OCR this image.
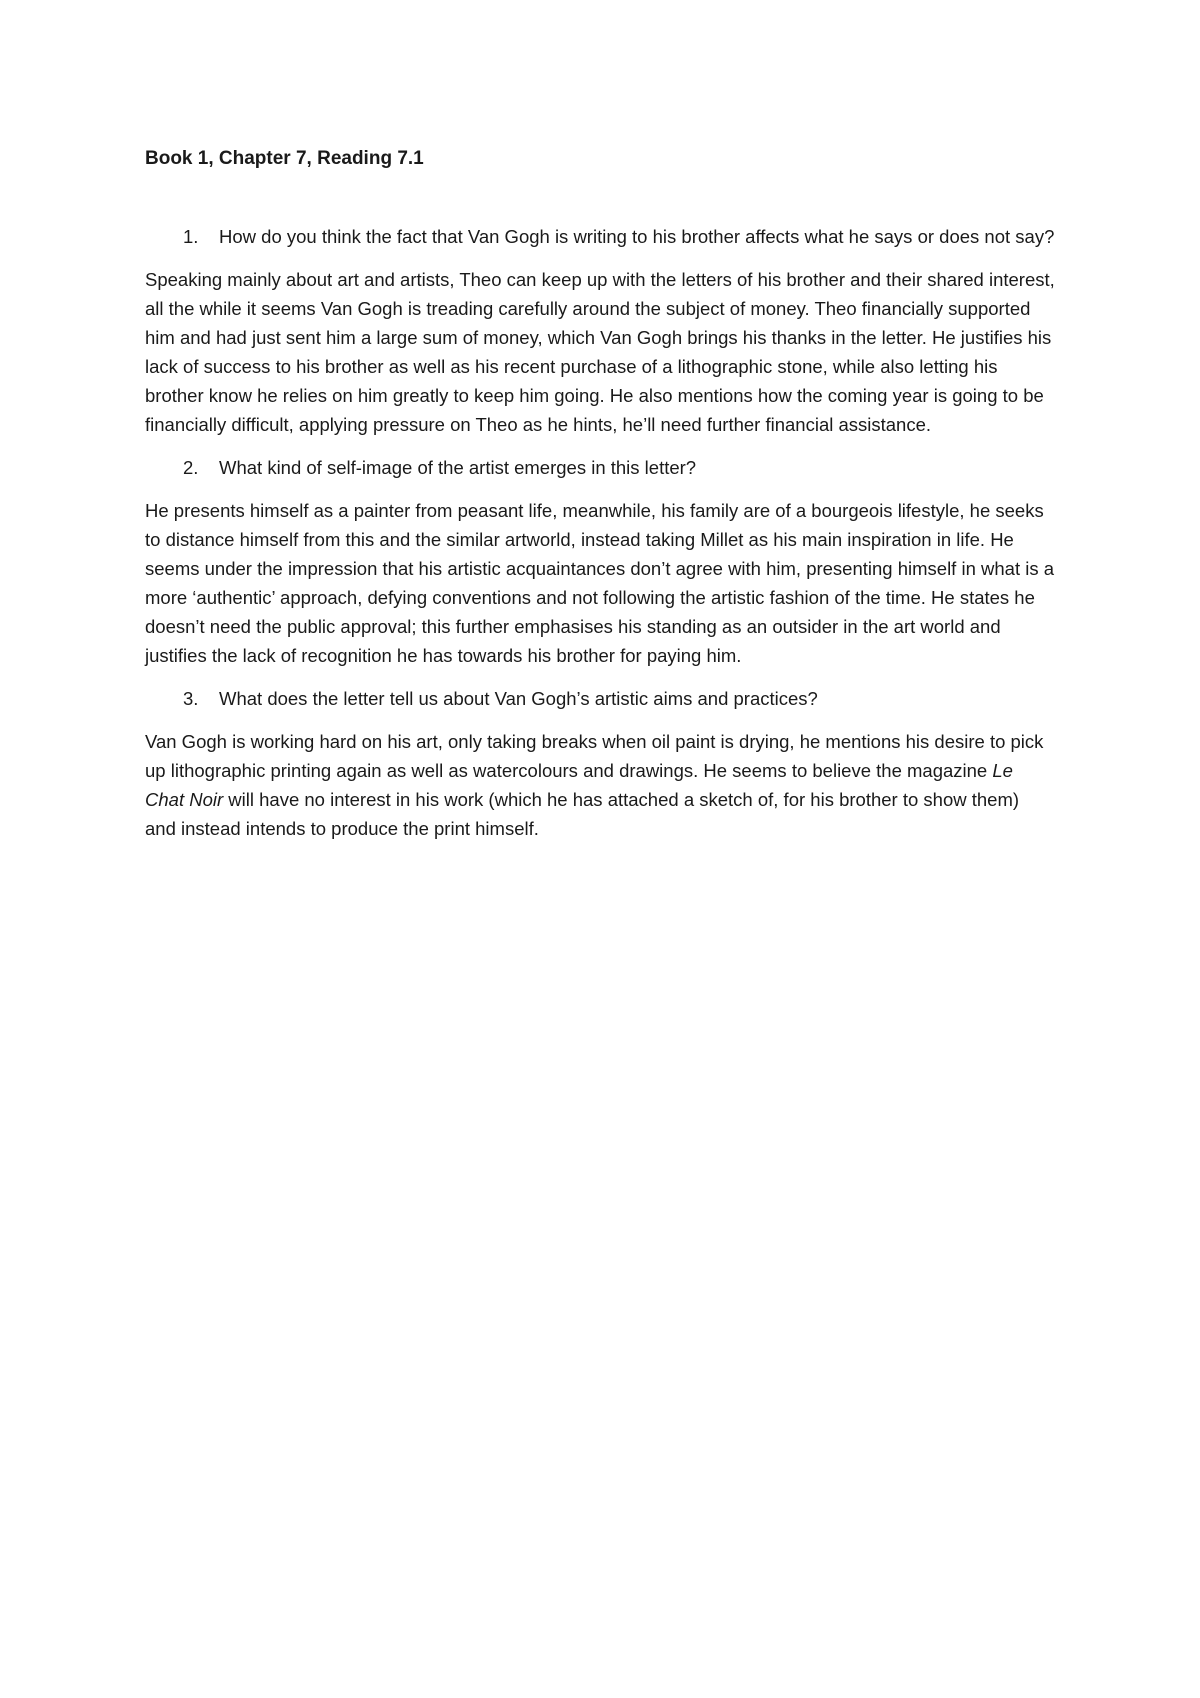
Book 1, Chapter 7, Reading 7.1
1.	How do you think the fact that Van Gogh is writing to his brother affects what he says or does not say?

Speaking mainly about art and artists, Theo can keep up with the letters of his brother and their shared interest, all the while it seems Van Gogh is treading carefully around the subject of money. Theo financially supported him and had just sent him a large sum of money, which Van Gogh brings his thanks in the letter. He justifies his lack of success to his brother as well as his recent purchase of a lithographic stone, while also letting his brother know he relies on him greatly to keep him going. He also mentions how the coming year is going to be financially difficult, applying pressure on Theo as he hints, he’ll need further financial assistance.

2.	What kind of self-image of the artist emerges in this letter?

He presents himself as a painter from peasant life, meanwhile, his family are of a bourgeois lifestyle, he seeks to distance himself from this and the similar artworld, instead taking Millet as his main inspiration in life. He seems under the impression that his artistic acquaintances don’t agree with him, presenting himself in what is a more ‘authentic’ approach, defying conventions and not following the artistic fashion of the time. He states he doesn’t need the public approval; this further emphasises his standing as an outsider in the art world and justifies the lack of recognition he has towards his brother for paying him.

3.	What does the letter tell us about Van Gogh’s artistic aims and practices?

Van Gogh is working hard on his art, only taking breaks when oil paint is drying, he mentions his desire to pick up lithographic printing again as well as watercolours and drawings. He seems to believe the magazine Le Chat Noir will have no interest in his work (which he has attached a sketch of, for his brother to show them) and instead intends to produce the print himself.
